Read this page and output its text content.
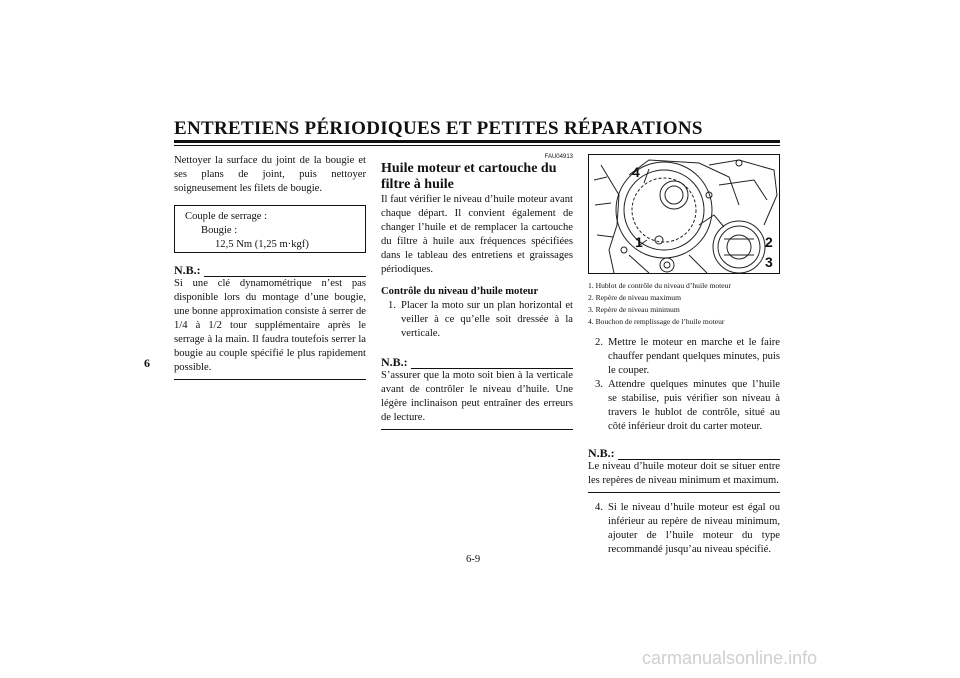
ENTRETIENS PÉRIODIQUES ET PETITES RÉPARATIONS
6

Nettoyer la surface du joint de la bougie et ses plans de joint, puis nettoyer soigneusement les filets de bougie.

Couple de serrage :
Bougie :
12,5 Nm (1,25 m·kgf)
N.B.:

Si une clé dynamométrique n’est pas disponible lors du montage d’une bougie, une bonne approximation consiste à serrer de 1/4 à 1/2 tour supplémentaire après le serrage à la main. Il faudra toutefois serrer la bougie au couple spécifié le plus rapidement possible.

FAU04913
Huile moteur et cartouche du filtre à huile

Il faut vérifier le niveau d’huile moteur avant chaque départ. Il convient également de changer l’huile et de remplacer la cartouche du filtre à huile aux fréquences spécifiées dans le tableau des entretiens et graissages périodiques.

Contrôle du niveau d’huile moteur
1. Placer la moto sur un plan horizontal et veiller à ce qu’elle soit dressée à la verticale.
N.B.:

S’assurer que la moto soit bien à la verticale avant de contrôler le niveau d’huile. Une légère inclinaison peut entraîner des erreurs de lecture.

4
1	2
3
1. Hublot de contrôle du niveau d’huile moteur
2. Repère de niveau maximum
3. Repère de niveau minimum
4. Bouchon de remplissage de l’huile moteur
2. Mettre le moteur en marche et le faire chauffer pendant quelques minutes, puis le couper.
3. Attendre quelques minutes que l’huile se stabilise, puis vérifier son niveau à travers le hublot de contrôle, situé au côté inférieur droit du carter moteur.
N.B.:

Le niveau d’huile moteur doit se situer entre les repères de niveau minimum et maximum.

4. Si le niveau d’huile moteur est égal ou inférieur au repère de niveau minimum, ajouter de l’huile moteur du type recommandé jusqu’au niveau spécifié.
6-9
carmanualsonline.info
